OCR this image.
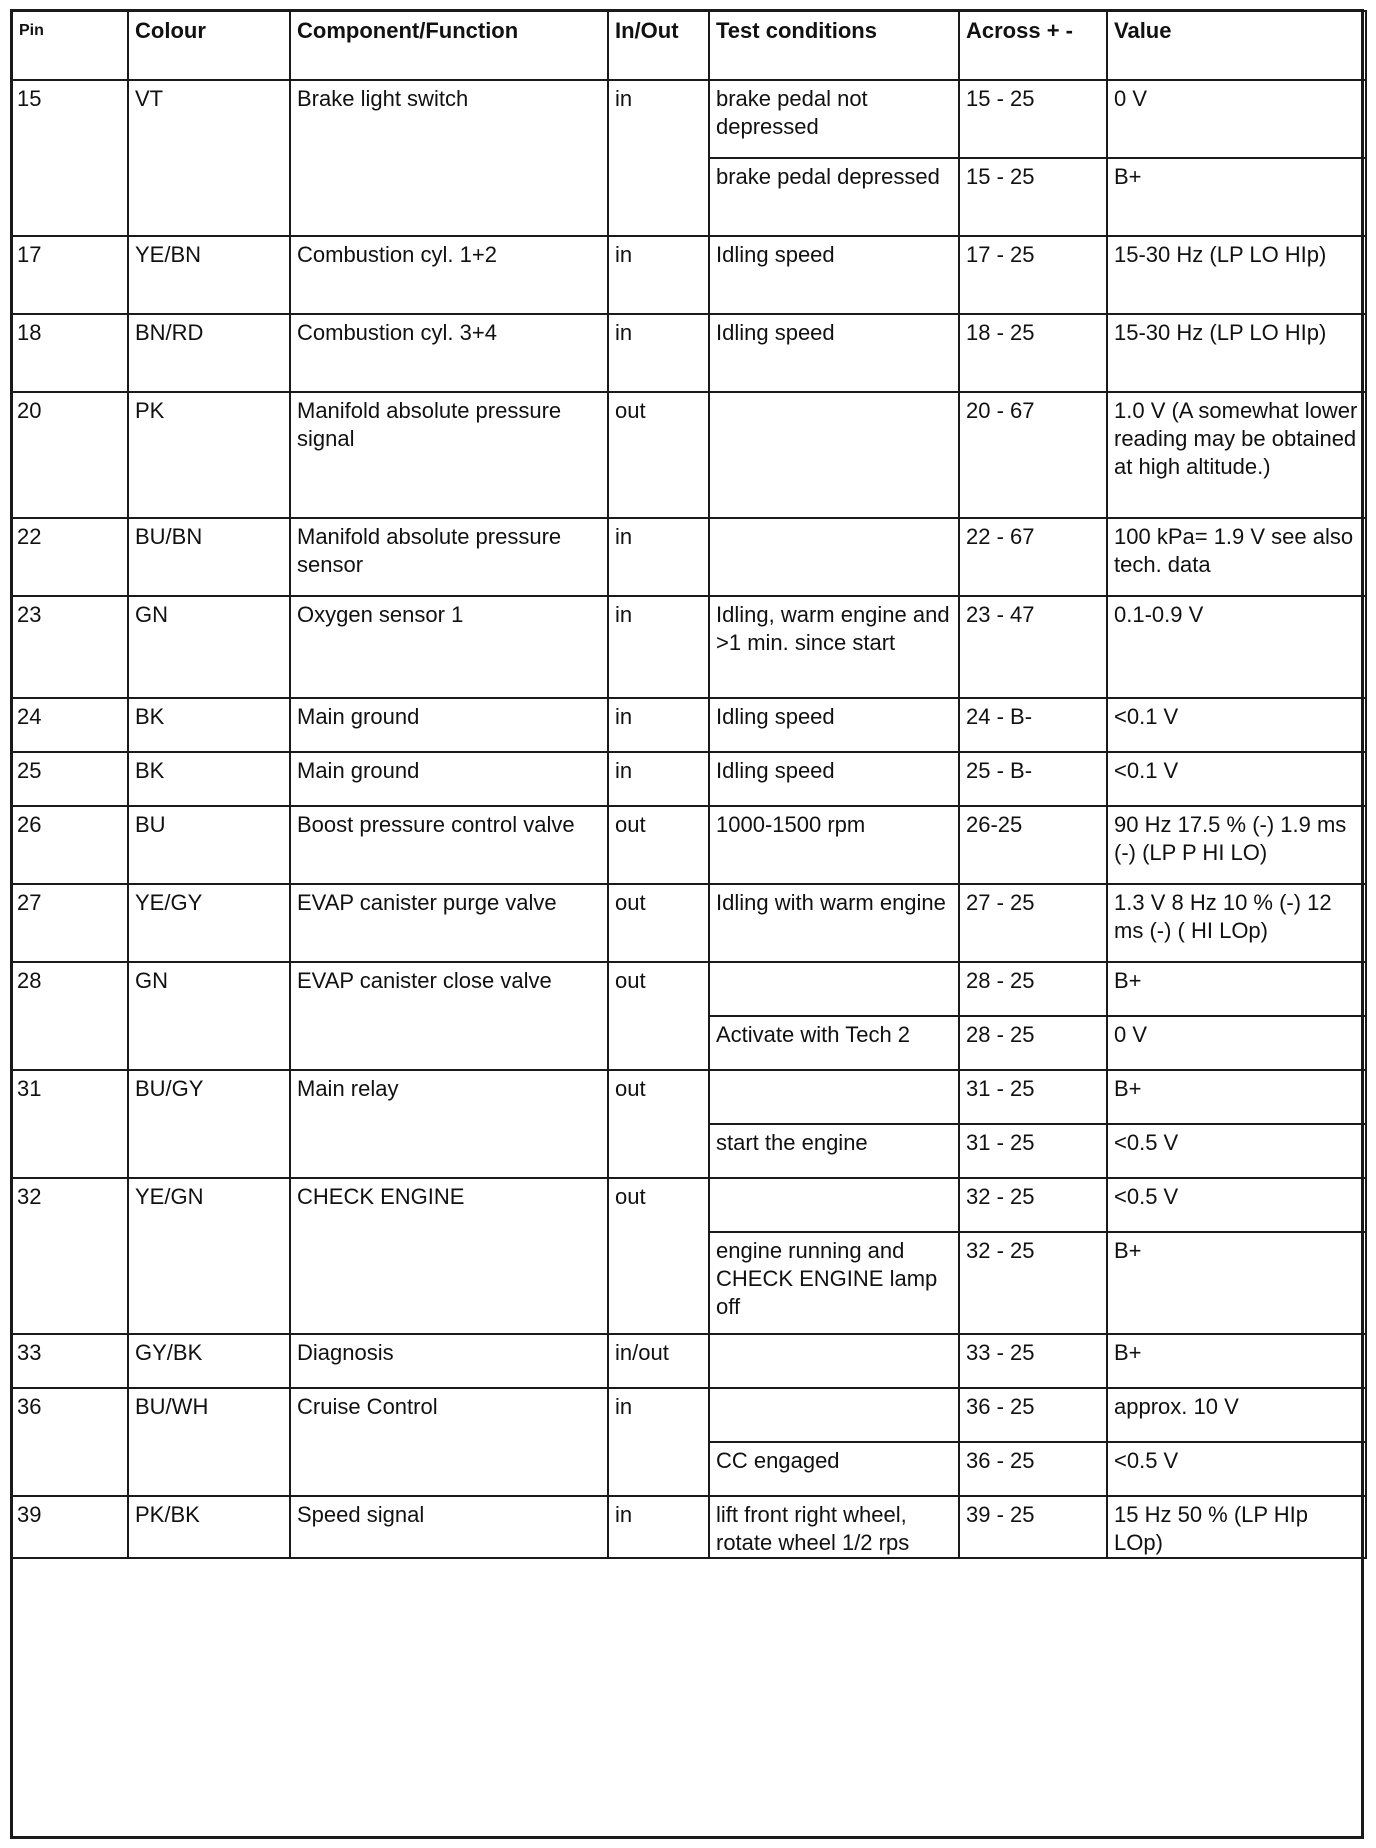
Pin	Colour	Component/Function	In/Out	Test conditions	Across + -	Value
15	VT	Brake light switch	in	brake pedal not depressed	15 - 25	0 V
				brake pedal depressed	15 - 25	B+
17	YE/BN	Combustion cyl. 1+2	in	Idling speed	17 - 25	15-30 Hz (LP LO HIp)
18	BN/RD	Combustion cyl. 3+4	in	Idling speed	18 - 25	15-30 Hz (LP LO HIp)
20	PK	Manifold absolute pressure signal	out		20 - 67	1.0 V (A somewhat lower reading may be obtained at high altitude.)
22	BU/BN	Manifold absolute pressure sensor	in		22 - 67	100 kPa= 1.9 V see also tech. data
23	GN	Oxygen sensor 1	in	Idling, warm engine and >1 min. since start	23 - 47	0.1-0.9 V
24	BK	Main ground	in	Idling speed	24 - B-	<0.1 V
25	BK	Main ground	in	Idling speed	25 - B-	<0.1 V
26	BU	Boost pressure control valve	out	1000-1500 rpm	26-25	90 Hz 17.5 % (-) 1.9 ms (-) (LP P HI LO)
27	YE/GY	EVAP canister purge valve	out	Idling with warm engine	27 - 25	1.3 V 8 Hz 10 % (-) 12 ms (-) ( HI LOp)
28	GN	EVAP canister close valve	out		28 - 25	B+
				Activate with Tech 2	28 - 25	0 V
31	BU/GY	Main relay	out		31 - 25	B+
				start the engine	31 - 25	<0.5 V
32	YE/GN	CHECK ENGINE	out		32 - 25	<0.5 V
				engine running and CHECK ENGINE lamp off	32 - 25	B+
33	GY/BK	Diagnosis	in/out		33 - 25	B+
36	BU/WH	Cruise Control	in		36 - 25	approx. 10 V
				CC engaged	36 - 25	<0.5 V
39	PK/BK	Speed signal	in	lift front right wheel, rotate wheel 1/2 rps	39 - 25	15 Hz 50 % (LP HIp LOp)
